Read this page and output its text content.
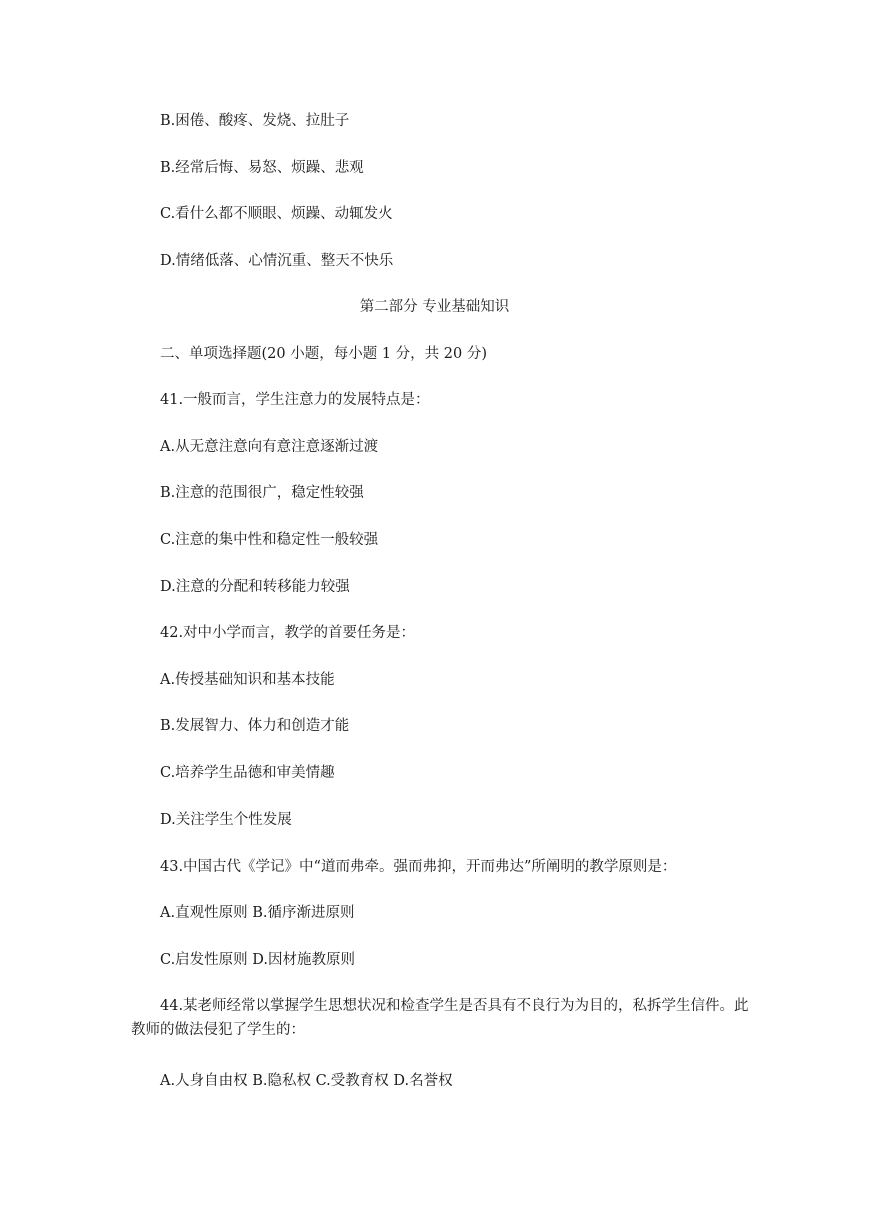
B.困倦、酸疼、发烧、拉肚子

B.经常后悔、易怒、烦躁、悲观

C.看什么都不顺眼、烦躁、动辄发火

D.情绪低落、心情沉重、整天不快乐

第二部分 专业基础知识

二、单项选择题(20 小题，每小题 1 分，共 20 分)

41.一般而言，学生注意力的发展特点是：

A.从无意注意向有意注意逐渐过渡

B.注意的范围很广，稳定性较强

C.注意的集中性和稳定性一般较强

D.注意的分配和转移能力较强

42.对中小学而言，教学的首要任务是：

A.传授基础知识和基本技能

B.发展智力、体力和创造才能

C.培养学生品德和审美情趣

D.关注学生个性发展

43.中国古代《学记》中“道而弗牵。强而弗抑，开而弗达”所阐明的教学原则是：

A.直观性原则 B.循序渐进原则

C.启发性原则 D.因材施教原则

44.某老师经常以掌握学生思想状况和检查学生是否具有不良行为为目的，私拆学生信件。此教师的做法侵犯了学生的：

A.人身自由权 B.隐私权 C.受教育权 D.名誉权
